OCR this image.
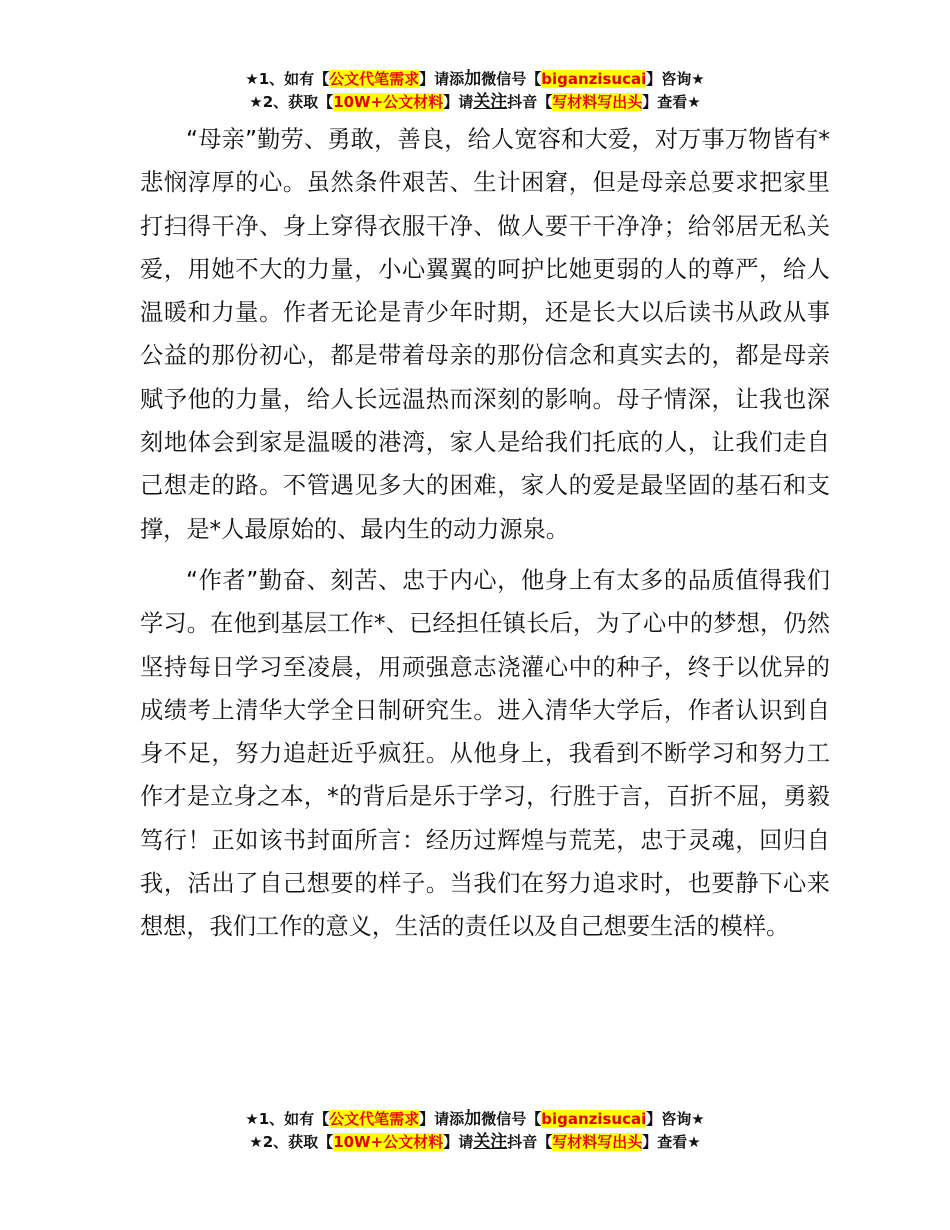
★1、如有【公文代笔需求】请添加微信号【biganzisucai】咨询★
★2、获取【10W+公文材料】请关注抖音【写材料写出头】查看★

“母亲”勤劳、勇敢，善良，给人宽容和大爱，对万事万物皆有*悲悯淳厚的心。虽然条件艰苦、生计困窘，但是母亲总要求把家里打扫得干净、身上穿得衣服干净、做人要干干净净；给邻居无私关爱，用她不大的力量，小心翼翼的呵护比她更弱的人的尊严，给人温暖和力量。作者无论是青少年时期，还是长大以后读书从政从事公益的那份初心，都是带着母亲的那份信念和真实去的，都是母亲赋予他的力量，给人长远温热而深刻的影响。母子情深，让我也深刻地体会到家是温暖的港湾，家人是给我们托底的人，让我们走自己想走的路。不管遇见多大的困难，家人的爱是最坚固的基石和支撑，是*人最原始的、最内生的动力源泉。

“作者”勤奋、刻苦、忠于内心，他身上有太多的品质值得我们学习。在他到基层工作*、已经担任镇长后，为了心中的梦想，仍然坚持每日学习至凌晨，用顽强意志浇灌心中的种子，终于以优异的成绩考上清华大学全日制研究生。进入清华大学后，作者认识到自身不足，努力追赶近乎疯狂。从他身上，我看到不断学习和努力工作才是立身之本，*的背后是乐于学习，行胜于言，百折不屈，勇毅笃行！正如该书封面所言：经历过辉煌与荒芜，忠于灵魂，回归自我，活出了自己想要的样子。当我们在努力追求时，也要静下心来想想，我们工作的意义，生活的责任以及自己想要生活的模样。

★1、如有【公文代笔需求】请添加微信号【biganzisucai】咨询★
★2、获取【10W+公文材料】请关注抖音【写材料写出头】查看★
